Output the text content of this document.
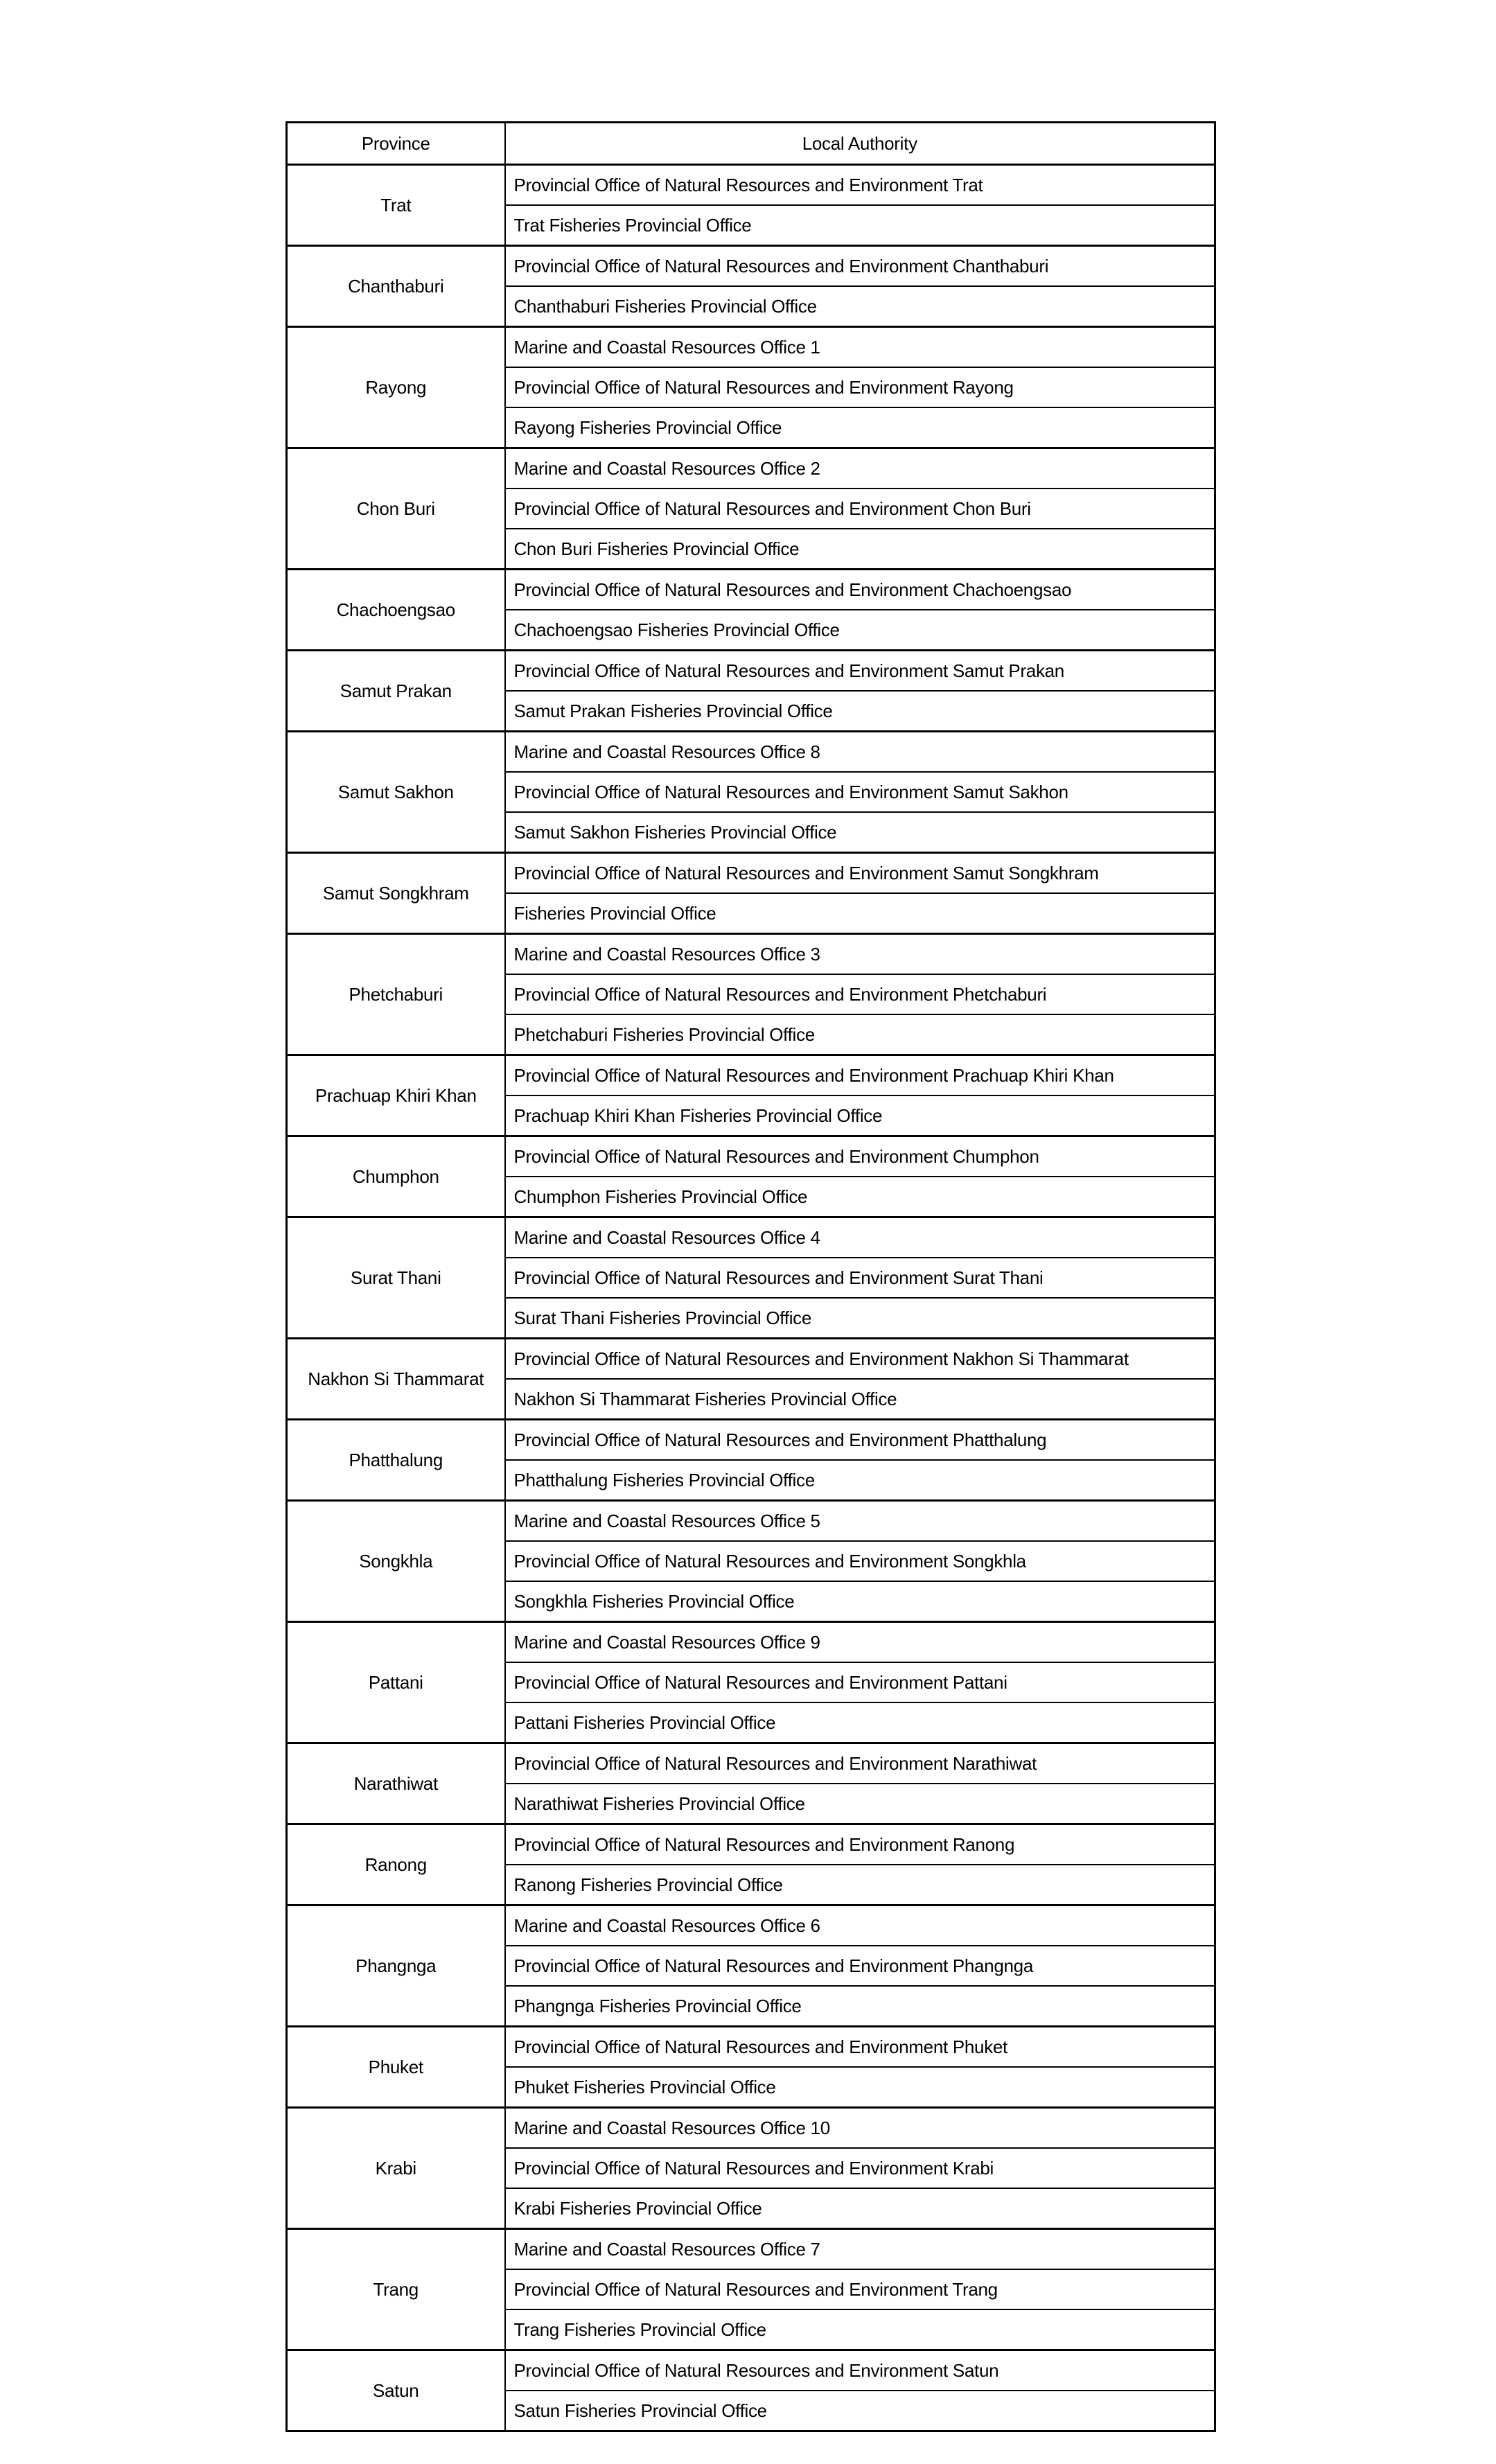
Province	Local Authority
Trat	Provincial Office of Natural Resources and Environment Trat
	Trat Fisheries Provincial Office
Chanthaburi	Provincial Office of Natural Resources and Environment Chanthaburi
	Chanthaburi Fisheries Provincial Office
Rayong	Marine and Coastal Resources Office 1
	Provincial Office of Natural Resources and Environment Rayong
	Rayong Fisheries Provincial Office
Chon Buri	Marine and Coastal Resources Office 2
	Provincial Office of Natural Resources and Environment Chon Buri
	Chon Buri Fisheries Provincial Office
Chachoengsao	Provincial Office of Natural Resources and Environment Chachoengsao
	Chachoengsao Fisheries Provincial Office
Samut Prakan	Provincial Office of Natural Resources and Environment Samut Prakan
	Samut Prakan Fisheries Provincial Office
Samut Sakhon	Marine and Coastal Resources Office 8
	Provincial Office of Natural Resources and Environment Samut Sakhon
	Samut Sakhon Fisheries Provincial Office
Samut Songkhram	Provincial Office of Natural Resources and Environment Samut Songkhram
	Fisheries Provincial Office
Phetchaburi	Marine and Coastal Resources Office 3
	Provincial Office of Natural Resources and Environment Phetchaburi
	Phetchaburi Fisheries Provincial Office
Prachuap Khiri Khan	Provincial Office of Natural Resources and Environment Prachuap Khiri Khan
	Prachuap Khiri Khan Fisheries Provincial Office
Chumphon	Provincial Office of Natural Resources and Environment Chumphon
	Chumphon Fisheries Provincial Office
Surat Thani	Marine and Coastal Resources Office 4
	Provincial Office of Natural Resources and Environment Surat Thani
	Surat Thani Fisheries Provincial Office
Nakhon Si Thammarat	Provincial Office of Natural Resources and Environment Nakhon Si Thammarat
	Nakhon Si Thammarat Fisheries Provincial Office
Phatthalung	Provincial Office of Natural Resources and Environment Phatthalung
	Phatthalung Fisheries Provincial Office
Songkhla	Marine and Coastal Resources Office 5
	Provincial Office of Natural Resources and Environment Songkhla
	Songkhla Fisheries Provincial Office
Pattani	Marine and Coastal Resources Office 9
	Provincial Office of Natural Resources and Environment Pattani
	Pattani Fisheries Provincial Office
Narathiwat	Provincial Office of Natural Resources and Environment Narathiwat
	Narathiwat Fisheries Provincial Office
Ranong	Provincial Office of Natural Resources and Environment Ranong
	Ranong Fisheries Provincial Office
Phangnga	Marine and Coastal Resources Office 6
	Provincial Office of Natural Resources and Environment Phangnga
	Phangnga Fisheries Provincial Office
Phuket	Provincial Office of Natural Resources and Environment Phuket
	Phuket Fisheries Provincial Office
Krabi	Marine and Coastal Resources Office 10
	Provincial Office of Natural Resources and Environment Krabi
	Krabi Fisheries Provincial Office
Trang	Marine and Coastal Resources Office 7
	Provincial Office of Natural Resources and Environment Trang
	Trang Fisheries Provincial Office
Satun	Provincial Office of Natural Resources and Environment Satun
	Satun Fisheries Provincial Office
